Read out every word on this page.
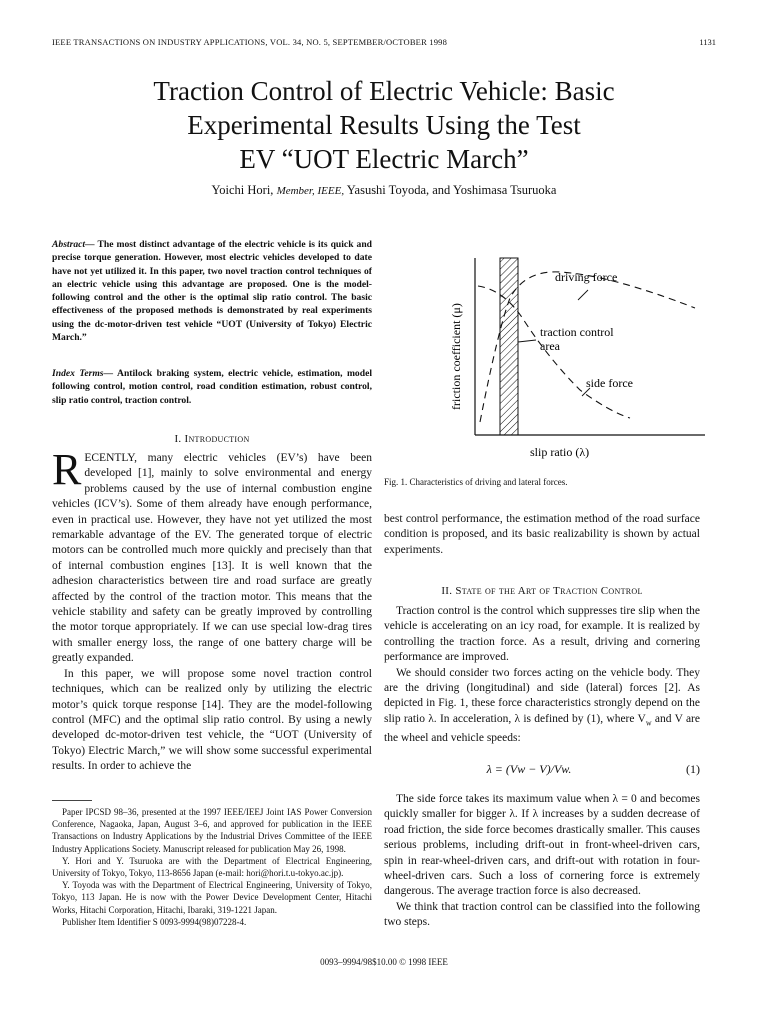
IEEE TRANSACTIONS ON INDUSTRY APPLICATIONS, VOL. 34, NO. 5, SEPTEMBER/OCTOBER 1998	1131
Traction Control of Electric Vehicle: Basic
Experimental Results Using the Test
EV “UOT Electric March”
Yoichi Hori, Member, IEEE, Yasushi Toyoda, and Yoshimasa Tsuruoka
Abstract— The most distinct advantage of the electric vehicle is its quick and precise torque generation. However, most electric vehicles developed to date have not yet utilized it. In this paper, two novel traction control techniques of an electric vehicle using this advantage are proposed. One is the model-following control and the other is the optimal slip ratio control. The basic effectiveness of the proposed methods is demonstrated by real experiments using the dc-motor-driven test vehicle “UOT (University of Tokyo) Electric March.”
Index Terms— Antilock braking system, electric vehicle, estimation, model following control, motion control, road condition estimation, robust control, slip ratio control, traction control.
I. Introduction

RECENTLY, many electric vehicles (EV’s) have been developed [1], mainly to solve environmental and energy problems caused by the use of internal combustion engine vehicles (ICV’s). Some of them already have enough performance, even in practical use. However, they have not yet utilized the most remarkable advantage of the EV. The generated torque of electric motors can be controlled much more quickly and precisely than that of internal combustion engines [13]. It is well known that the adhesion characteristics between tire and road surface are greatly affected by the control of the traction motor. This means that the vehicle stability and safety can be greatly improved by controlling the motor torque appropriately. If we can use special low-drag tires with smaller energy loss, the range of one battery charge will be greatly expanded.

In this paper, we will propose some novel traction control techniques, which can be realized only by utilizing the electric motor’s quick torque response [14]. They are the model-following control (MFC) and the optimal slip ratio control. By using a newly developed dc-motor-driven test vehicle, the “UOT (University of Tokyo) Electric March,” we will show some successful experimental results. In order to achieve the

Paper IPCSD 98–36, presented at the 1997 IEEE/IEEJ Joint IAS Power Conversion Conference, Nagaoka, Japan, August 3–6, and approved for publication in the IEEE Transactions on Industry Applications by the Industrial Drives Committee of the IEEE Industry Applications Society. Manuscript released for publication May 26, 1998.

Y. Hori and Y. Tsuruoka are with the Department of Electrical Engineering, University of Tokyo, Tokyo, 113-8656 Japan (e-mail: hori@hori.t.u-tokyo.ac.jp).

Y. Toyoda was with the Department of Electrical Engineering, University of Tokyo, Tokyo, 113 Japan. He is now with the Power Device Development Center, Hitachi Works, Hitachi Corporation, Hitachi, Ibaraki, 319-1221 Japan.

Publisher Item Identifier S 0093-9994(98)07228-4.

driving force
traction control
area
side force
friction coefficient (μ)
slip ratio (λ)
Fig. 1. Characteristics of driving and lateral forces.

best control performance, the estimation method of the road surface condition is proposed, and its basic realizability is shown by actual experiments.

II. State of the Art of Traction Control

Traction control is the control which suppresses tire slip when the vehicle is accelerating on an icy road, for example. It is realized by controlling the traction force. As a result, driving and cornering performance are improved.

We should consider two forces acting on the vehicle body. They are the driving (longitudinal) and side (lateral) forces [2]. As depicted in Fig. 1, these force characteristics strongly depend on the slip ratio λ. In acceleration, λ is defined by (1), where $V_w$ and V are the wheel and vehicle speeds:

λ = (Vw − V)/Vw.	(1)

The side force takes its maximum value when λ = 0 and becomes quickly smaller for bigger λ. If λ increases by a sudden decrease of road friction, the side force becomes drastically smaller. This causes serious problems, including drift-out in front-wheel-driven cars, spin in rear-wheel-driven cars, and drift-out with rotation in four-wheel-driven cars. Such a loss of cornering force is extremely dangerous. The average traction force is also decreased.

We think that traction control can be classified into the following two steps.

0093–9994/98$10.00 © 1998 IEEE
